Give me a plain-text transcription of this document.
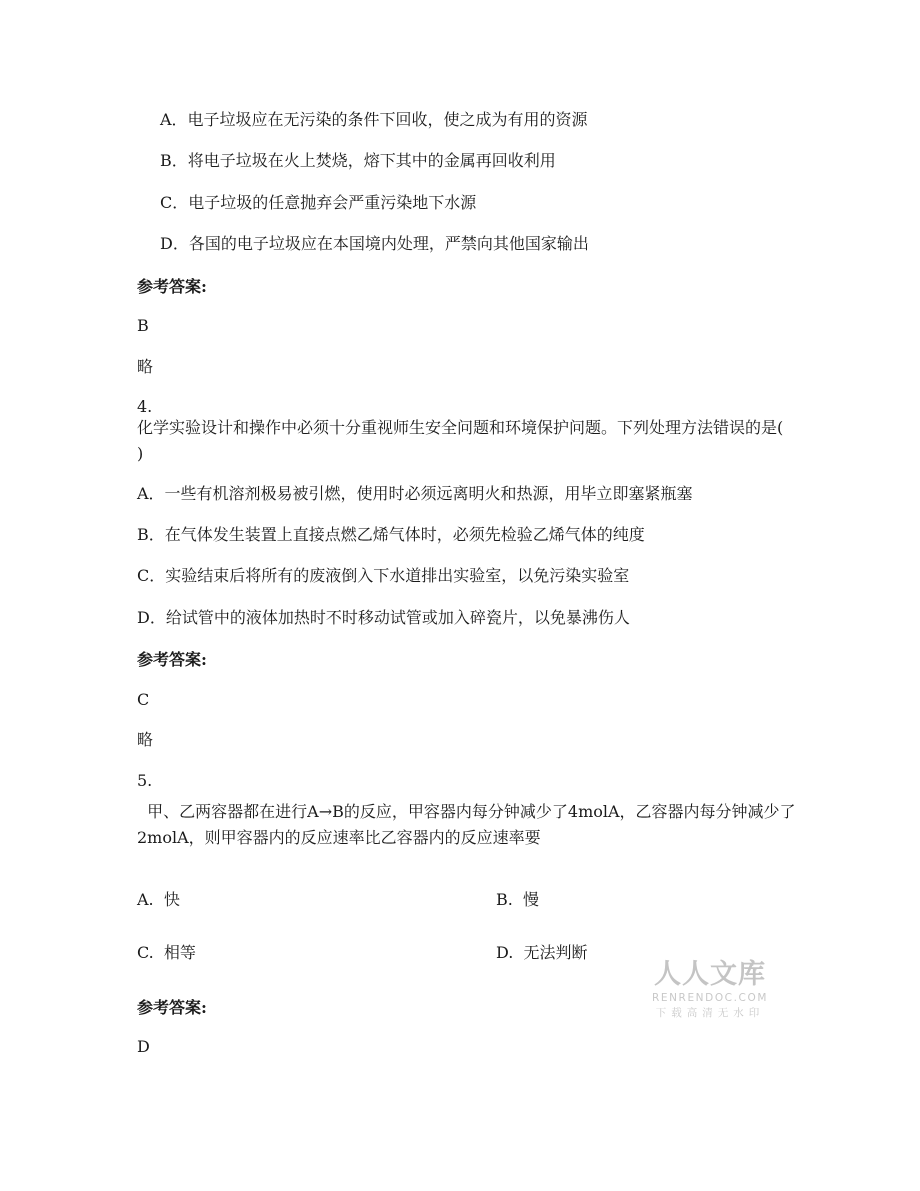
A．电子垃圾应在无污染的条件下回收，使之成为有用的资源
B．将电子垃圾在火上焚烧，熔下其中的金属再回收利用
C．电子垃圾的任意抛弃会严重污染地下水源
D．各国的电子垃圾应在本国境内处理，严禁向其他国家输出
参考答案:
B
略
4.
化学实验设计和操作中必须十分重视师生安全问题和环境保护问题。下列处理方法错误的是(　 )
A．一些有机溶剂极易被引燃，使用时必须远离明火和热源，用毕立即塞紧瓶塞
B．在气体发生装置上直接点燃乙烯气体时，必须先检验乙烯气体的纯度
C．实验结束后将所有的废液倒入下水道排出实验室，以免污染实验室
D．给试管中的液体加热时不时移动试管或加入碎瓷片，以免暴沸伤人
参考答案:
C
略
5.
甲、乙两容器都在进行A→B的反应，甲容器内每分钟减少了4molA，乙容器内每分钟减少了2molA，则甲容器内的反应速率比乙容器内的反应速率要
A.  快	B.  慢
C.  相等	D.  无法判断
参考答案:
D
人人文库
RENRENDOC.COM
下载高清无水印
